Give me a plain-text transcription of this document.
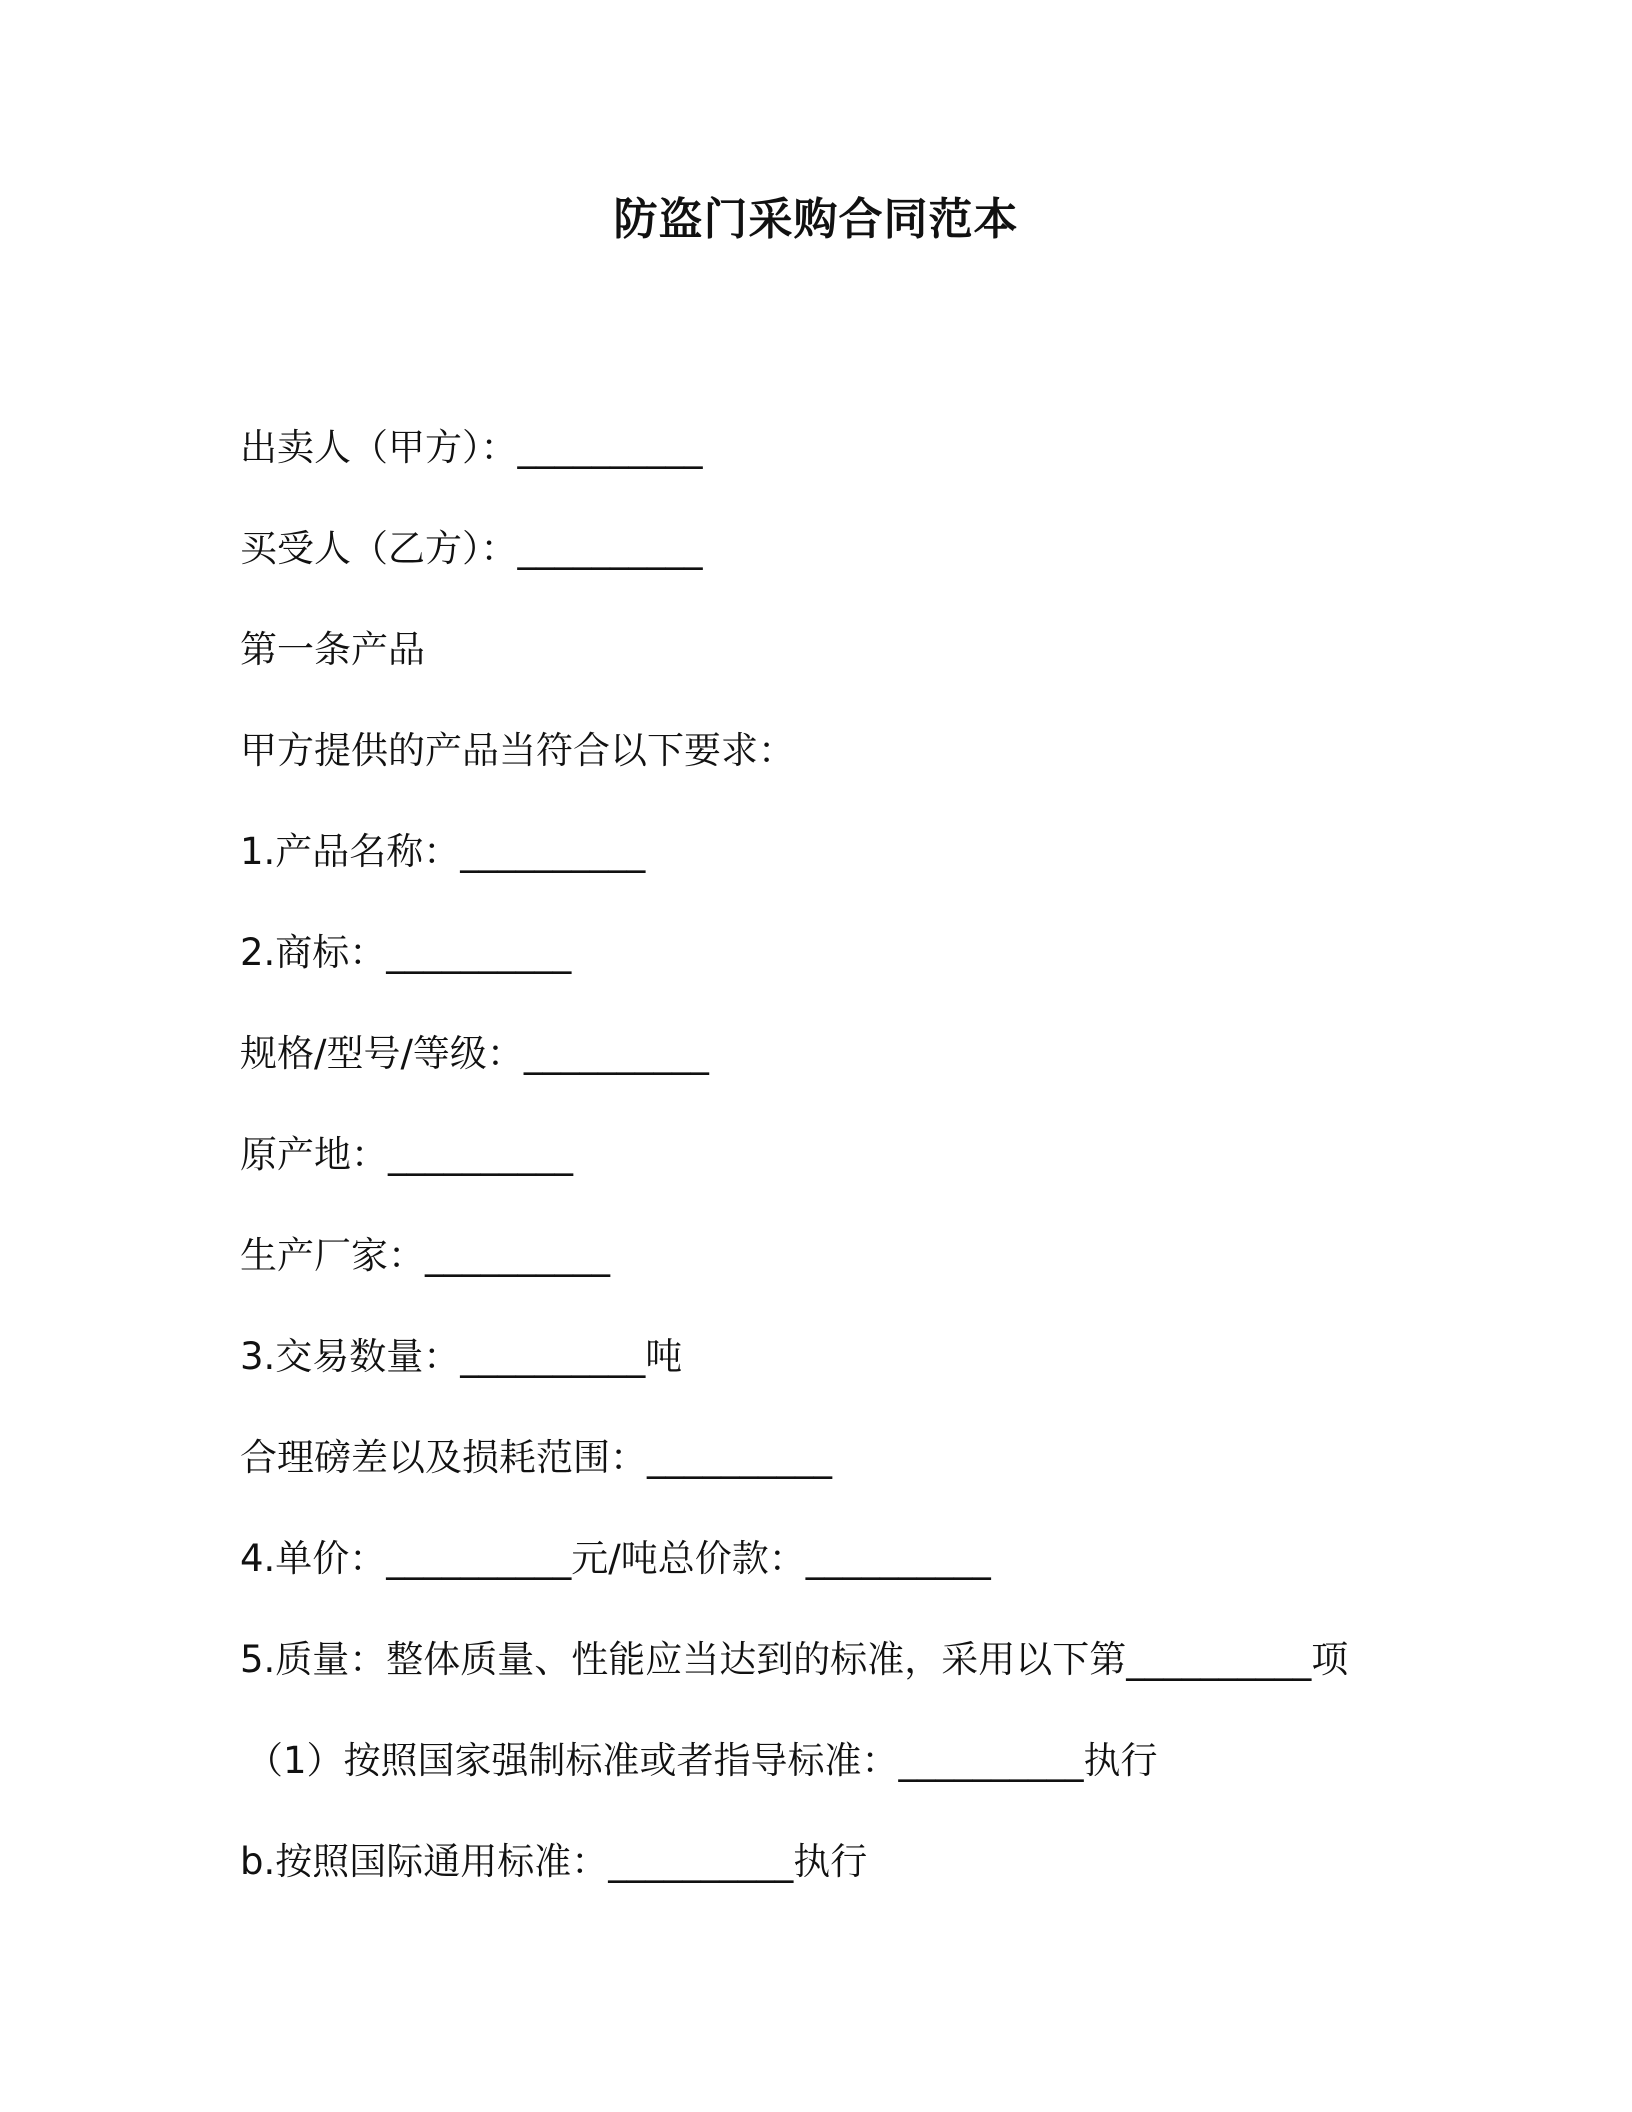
防盗门采购合同范本
出卖人（甲方）：__________
买受人（乙方）：__________
第一条产品
甲方提供的产品当符合以下要求：
1.产品名称：__________
2.商标：__________
规格/型号/等级：__________
原产地：__________
生产厂家：__________
3.交易数量：__________吨
合理磅差以及损耗范围：__________
4.单价：__________元/吨总价款：__________
5.质量：整体质量、性能应当达到的标准，采用以下第__________项
（1）按照国家强制标准或者指导标准：__________执行
b.按照国际通用标准：__________执行
